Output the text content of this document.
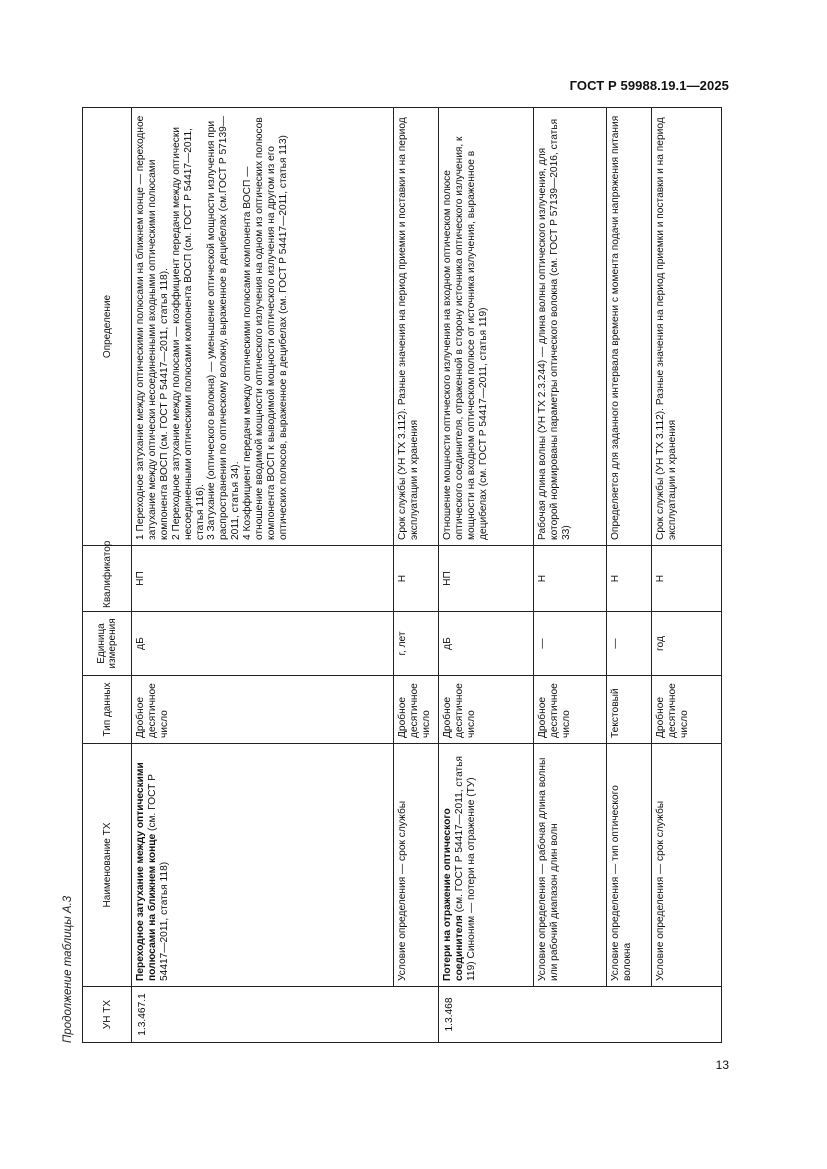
ГОСТ Р 59988.19.1—2025
Продолжение таблицы А.3	УН ТХ	Наименование ТХ	Тип данных	Единица измерения	Квалификатор	Определение
1.3.467.1	Переходное затухание между оптическими полюсами на ближнем конце (см. ГОСТ Р 54417—2011, статья 118)	Дробное десятичное число	дБ	НП	1 Переходное затухание между оптическими полюсами на ближнем конце — переходное затухание между оптически несоединенными входными оптическими полюсами компонента ВОСП (см. ГОСТ Р 54417—2011, статья 118). 2 Переходное затухание между полюсами — коэффициент передачи между оптически несоединенными оптическими полюсами компонента ВОСП (см. ГОСТ Р 54417—2011, статья 116). 3 Затухание (оптического волокна) — уменьшение оптической мощности излучения при распространении по оптическому волокну, выраженное в децибелах (см.ГОСТ Р 57139—2011, статья 34). 4 Коэффициент передачи между оптическими полюсами компонента ВОСП — отношение вводимой мощности оптического излучения на одном из оптических полюсов компонента ВОСП к выводимой мощности оптического излучения на другом из его оптических полюсов, выраженное в децибелах (см. ГОСТ Р 54417—2011, статья 113)

	Условие определения — срок службы	Дробное десятичное число	г, лет	Н	Срок службы (УН ТХ 3.112). Разные значения на период приемки и поставки и на период эксплуатации и хранения
1.3.468	Потери на отражение оптического соединителя (см. ГОСТ Р 54417—2011, статья 119) Синоним — потери на отражение (ТУ)	Дробное десятичное число	дБ	НП	Отношение мощности оптического излучения на входном оптическом полюсе оптического соединителя, отраженной в сторону источника оптического излучения, к мощности на входном оптическом полюсе от источника излучения, выраженное в децибелах (см. ГОСТ Р 54417—2011, статья 119)
	Условие определения — рабочая длина волны или рабочий диапазон длин волн	Дробное десятичное число	—	Н	Рабочая длина волны (УН ТХ 2.3.244) — длина волны оптического излучения, для которой нормированы параметры оптического волокна (см. ГОСТ Р 57139—2016, статья 33)
	Условие определения — тип оптического волокна	Текстовый	—	Н	Определяется для заданного интервала времени с момента подачи напряжения питания
	Условие определения — срок службы	Дробное десятичное число	год	Н	Срок службы (УН ТХ 3.112). Разные значения на период приемки и поставки и на период эксплуатации и хранения
13
